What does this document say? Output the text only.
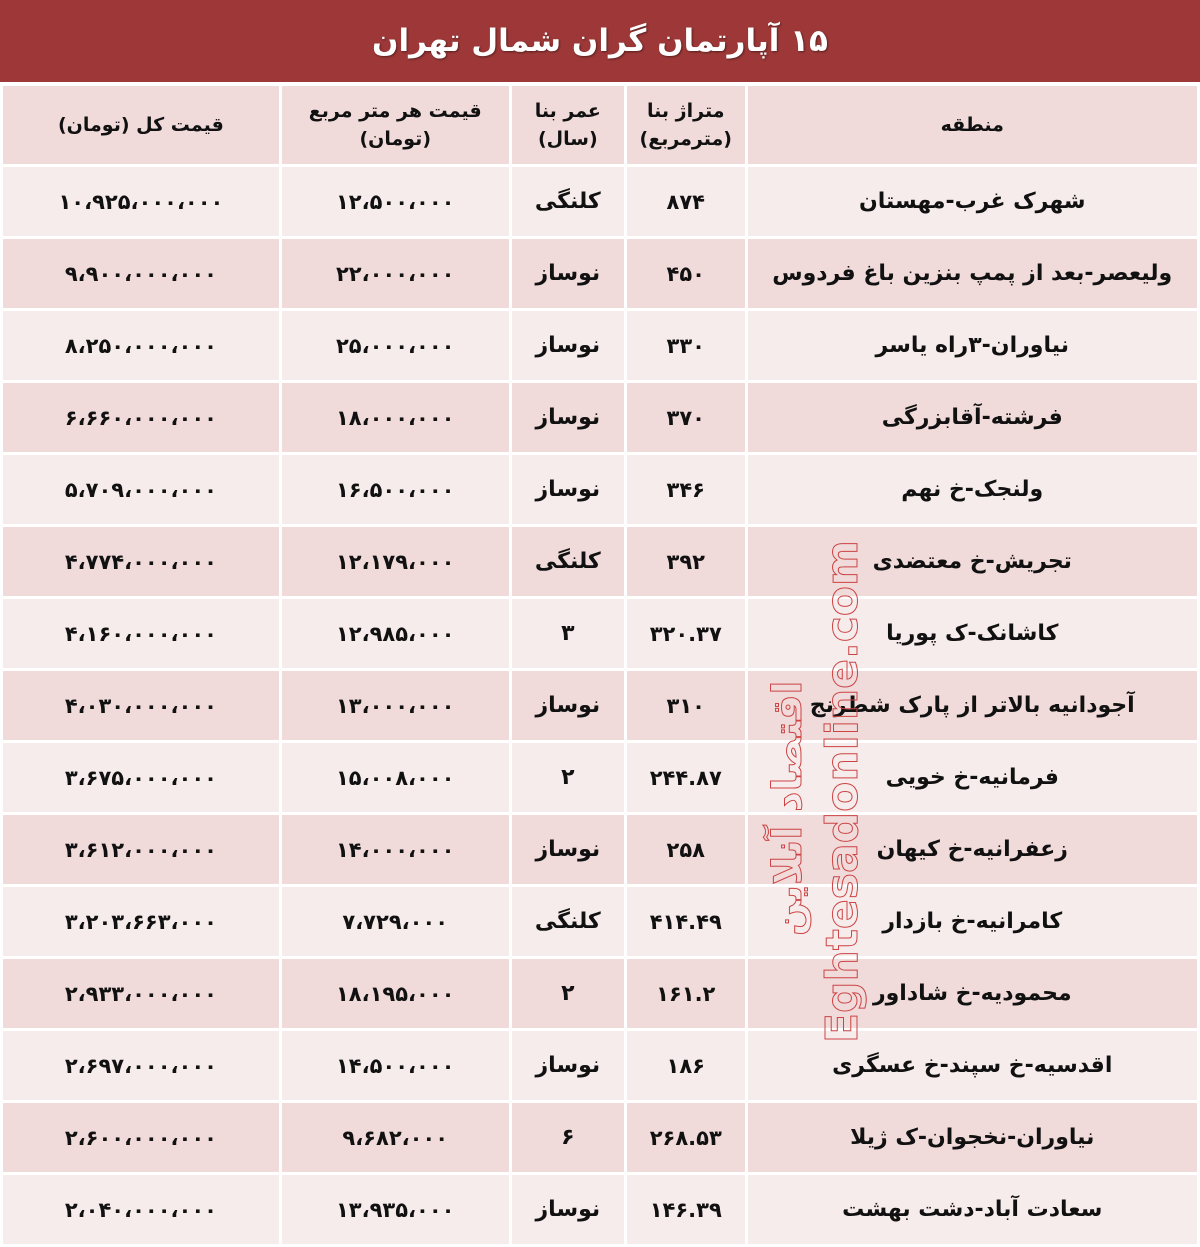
۱۵ آپارتمان گران شمال تهران
منطقه	متراژ بنا (مترمربع)	عمر بنا (سال)	قیمت هر متر مربع (تومان)	قیمت کل (تومان)
شهرک غرب-مهستان	۸۷۴	کلنگی	۱۲،۵۰۰،۰۰۰	۱۰،۹۲۵،۰۰۰،۰۰۰
ولیعصر-بعد از پمپ بنزین باغ فردوس	۴۵۰	نوساز	۲۲،۰۰۰،۰۰۰	۹،۹۰۰،۰۰۰،۰۰۰
نیاوران-۳راه یاسر	۳۳۰	نوساز	۲۵،۰۰۰،۰۰۰	۸،۲۵۰،۰۰۰،۰۰۰
فرشته-آقابزرگی	۳۷۰	نوساز	۱۸،۰۰۰،۰۰۰	۶،۶۶۰،۰۰۰،۰۰۰
ولنجک-خ نهم	۳۴۶	نوساز	۱۶،۵۰۰،۰۰۰	۵،۷۰۹،۰۰۰،۰۰۰
تجریش-خ معتضدی	۳۹۲	کلنگی	۱۲،۱۷۹،۰۰۰	۴،۷۷۴،۰۰۰،۰۰۰
کاشانک-ک پوریا	۳۲۰.۳۷	۳	۱۲،۹۸۵،۰۰۰	۴،۱۶۰،۰۰۰،۰۰۰
آجودانیه بالاتر از پارک شطرنج	۳۱۰	نوساز	۱۳،۰۰۰،۰۰۰	۴،۰۳۰،۰۰۰،۰۰۰
فرمانیه-خ خویی	۲۴۴.۸۷	۲	۱۵،۰۰۸،۰۰۰	۳،۶۷۵،۰۰۰،۰۰۰
زعفرانیه-خ کیهان	۲۵۸	نوساز	۱۴،۰۰۰،۰۰۰	۳،۶۱۲،۰۰۰،۰۰۰
کامرانیه-خ بازدار	۴۱۴.۴۹	کلنگی	۷،۷۲۹،۰۰۰	۳،۲۰۳،۶۶۳،۰۰۰
محمودیه-خ شاداور	۱۶۱.۲	۲	۱۸،۱۹۵،۰۰۰	۲،۹۳۳،۰۰۰،۰۰۰
اقدسیه-خ سپند-خ عسگری	۱۸۶	نوساز	۱۴،۵۰۰،۰۰۰	۲،۶۹۷،۰۰۰،۰۰۰
نیاوران-نخجوان-ک ژیلا	۲۶۸.۵۳	۶	۹،۶۸۲،۰۰۰	۲،۶۰۰،۰۰۰،۰۰۰
سعادت آباد-دشت بهشت	۱۴۶.۳۹	نوساز	۱۳،۹۳۵،۰۰۰	۲،۰۴۰،۰۰۰،۰۰۰
